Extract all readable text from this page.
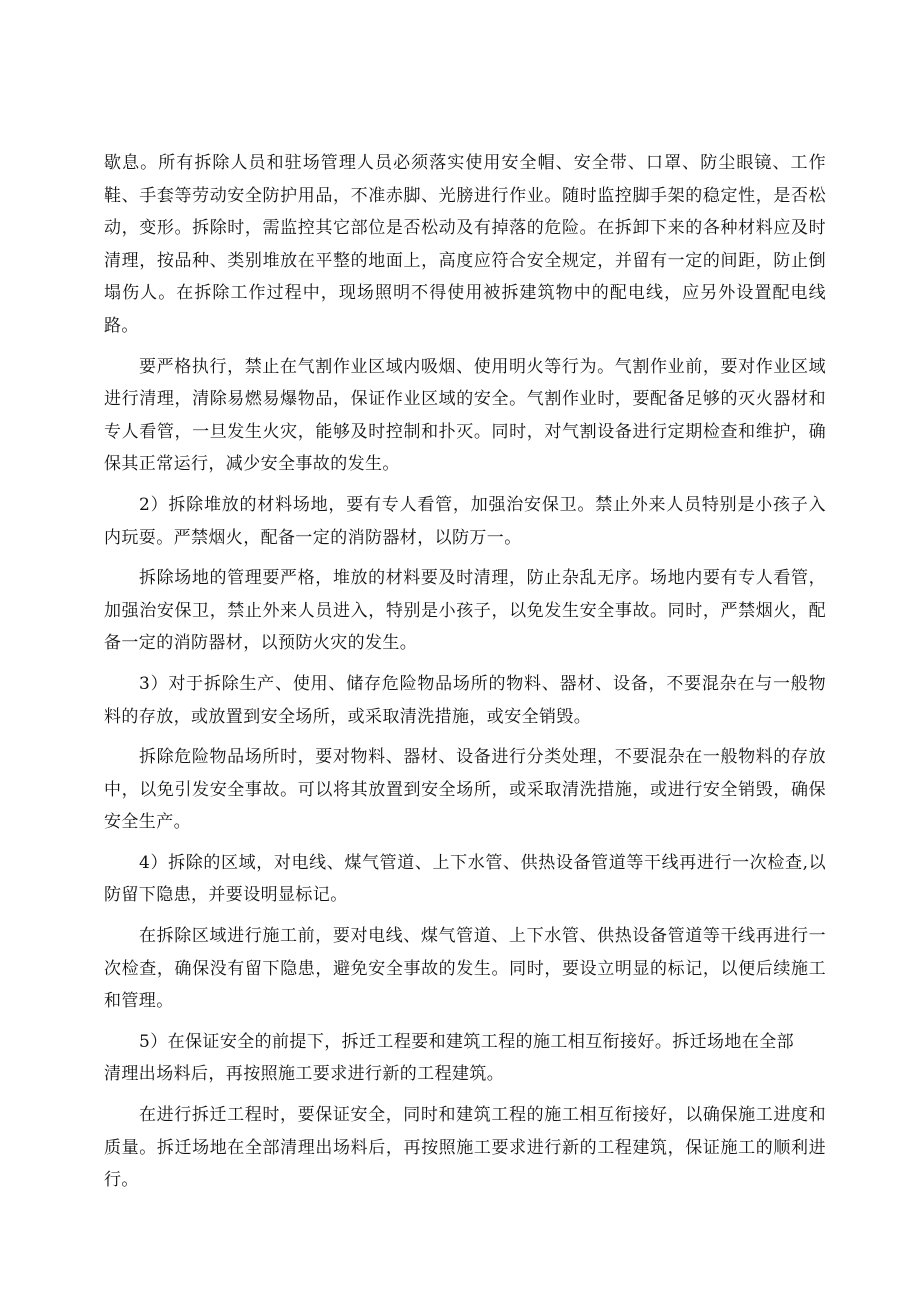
歇息。所有拆除人员和驻场管理人员必须落实使用安全帽、安全带、口罩、防尘眼镜、工作鞋、手套等劳动安全防护用品，不准赤脚、光膀进行作业。随时监控脚手架的稳定性，是否松动，变形。拆除时，需监控其它部位是否松动及有掉落的危险。在拆卸下来的各种材料应及时清理，按品种、类别堆放在平整的地面上，高度应符合安全规定，并留有一定的间距，防止倒塌伤人。在拆除工作过程中，现场照明不得使用被拆建筑物中的配电线，应另外设置配电线路。

要严格执行，禁止在气割作业区域内吸烟、使用明火等行为。气割作业前，要对作业区域进行清理，清除易燃易爆物品，保证作业区域的安全。气割作业时，要配备足够的灭火器材和专人看管，一旦发生火灾，能够及时控制和扑灭。同时，对气割设备进行定期检查和维护，确保其正常运行，减少安全事故的发生。

2）拆除堆放的材料场地，要有专人看管，加强治安保卫。禁止外来人员特别是小孩子入内玩耍。严禁烟火，配备一定的消防器材，以防万一。

拆除场地的管理要严格，堆放的材料要及时清理，防止杂乱无序。场地内要有专人看管，加强治安保卫，禁止外来人员进入，特别是小孩子，以免发生安全事故。同时，严禁烟火，配备一定的消防器材，以预防火灾的发生。

3）对于拆除生产、使用、储存危险物品场所的物料、器材、设备，不要混杂在与一般物料的存放，或放置到安全场所，或采取清洗措施，或安全销毁。

拆除危险物品场所时，要对物料、器材、设备进行分类处理，不要混杂在一般物料的存放中，以免引发安全事故。可以将其放置到安全场所，或采取清洗措施，或进行安全销毁，确保安全生产。

4）拆除的区域，对电线、煤气管道、上下水管、供热设备管道等干线再进行一次检查,以防留下隐患，并要设明显标记。

在拆除区域进行施工前，要对电线、煤气管道、上下水管、供热设备管道等干线再进行一次检查，确保没有留下隐患，避免安全事故的发生。同时，要设立明显的标记，以便后续施工和管理。

5）在保证安全的前提下，拆迁工程要和建筑工程的施工相互衔接好。拆迁场地在全部

清理出场料后，再按照施工要求进行新的工程建筑。

在进行拆迁工程时，要保证安全，同时和建筑工程的施工相互衔接好，以确保施工进度和质量。拆迁场地在全部清理出场料后，再按照施工要求进行新的工程建筑，保证施工的顺利进行。
